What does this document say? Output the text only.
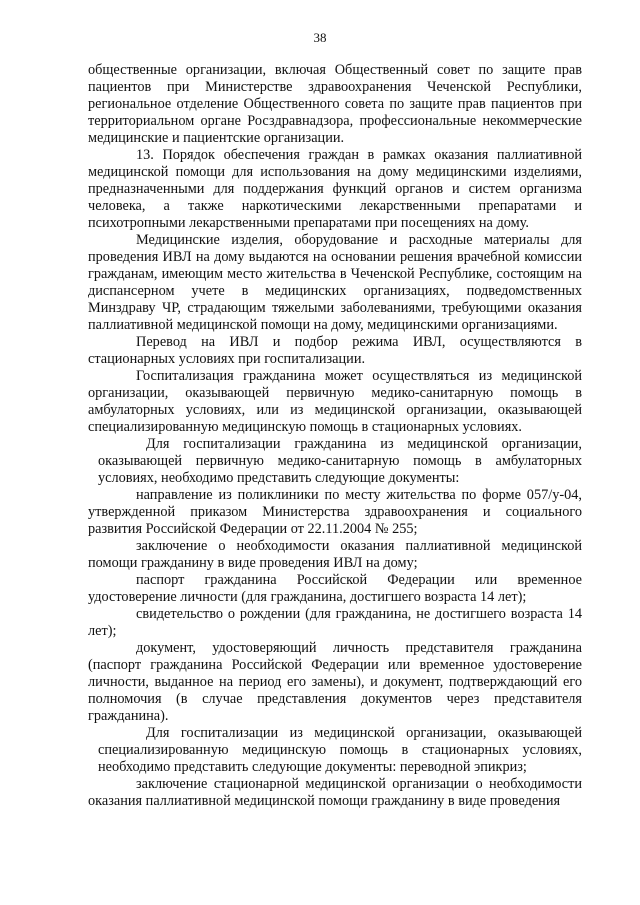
38

общественные организации, включая Общественный совет по защите прав пациентов при Министерстве здравоохранения Чеченской Республики, региональное отделение Общественного совета по защите прав пациентов при территориальном органе Росздравнадзора, профессиональные некоммерческие медицинские и пациентские организации.

13. Порядок обеспечения граждан в рамках оказания паллиативной медицинской помощи для использования на дому медицинскими изделиями, предназначенными для поддержания функций органов и систем организма человека, а также наркотическими лекарственными препаратами и психотропными лекарственными препаратами при посещениях на дому.

Медицинские изделия, оборудование и расходные материалы для проведения ИВЛ на дому выдаются на основании решения врачебной комиссии гражданам, имеющим место жительства в Чеченской Республике, состоящим на диспансерном учете в медицинских организациях, подведомственных Минздраву ЧР, страдающим тяжелыми заболеваниями, требующими оказания паллиативной медицинской помощи на дому, медицинскими организациями.

Перевод на ИВЛ и подбор режима ИВЛ, осуществляются в стационарных условиях при госпитализации.

Госпитализация гражданина может осуществляться из медицинской организации, оказывающей первичную медико-санитарную помощь в амбулаторных условиях, или из медицинской организации, оказывающей специализированную медицинскую помощь в стационарных условиях.

Для госпитализации гражданина из медицинской организации, оказывающей первичную медико-санитарную помощь в амбулаторных условиях, необходимо представить следующие документы:

направление из поликлиники по месту жительства по форме 057/у-04, утвержденной приказом Министерства здравоохранения и социального развития Российской Федерации от 22.11.2004 № 255;

заключение о необходимости оказания паллиативной медицинской помощи гражданину в виде проведения ИВЛ на дому;

паспорт гражданина Российской Федерации или временное удостоверение личности (для гражданина, достигшего возраста 14 лет);

свидетельство о рождении (для гражданина, не достигшего возраста 14 лет);

документ, удостоверяющий личность представителя гражданина (паспорт гражданина Российской Федерации или временное удостоверение личности, выданное на период его замены), и документ, подтверждающий его полномочия (в случае представления документов через представителя гражданина).

Для госпитализации из медицинской организации, оказывающей специализированную медицинскую помощь в стационарных условиях, необходимо представить следующие документы: переводной эпикриз;

заключение стационарной медицинской организации о необходимости оказания паллиативной медицинской помощи гражданину в виде проведения
